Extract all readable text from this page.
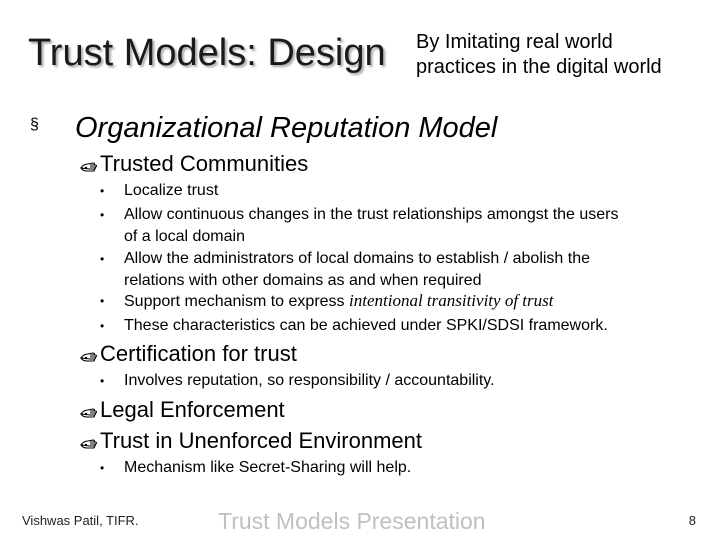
Trust Models: Design By Imitating real world
practices in the digital world
§ Organizational Reputation Model
Trusted Communities
• Localize trust
• Allow continuous changes in the trust relationships amongst the users
of a local domain
• Allow the administrators of local domains to establish / abolish the
relations with other domains as and when required
• Support mechanism to express intentional transitivity of trust
• These characteristics can be achieved under SPKI/SDSI framework.
Certification for trust
• Involves reputation, so responsibility / accountability.
Legal Enforcement
Trust in Unenforced Environment
• Mechanism like Secret-Sharing will help.
Vishwas Patil, TIFR.	Trust Models Presentation	8
